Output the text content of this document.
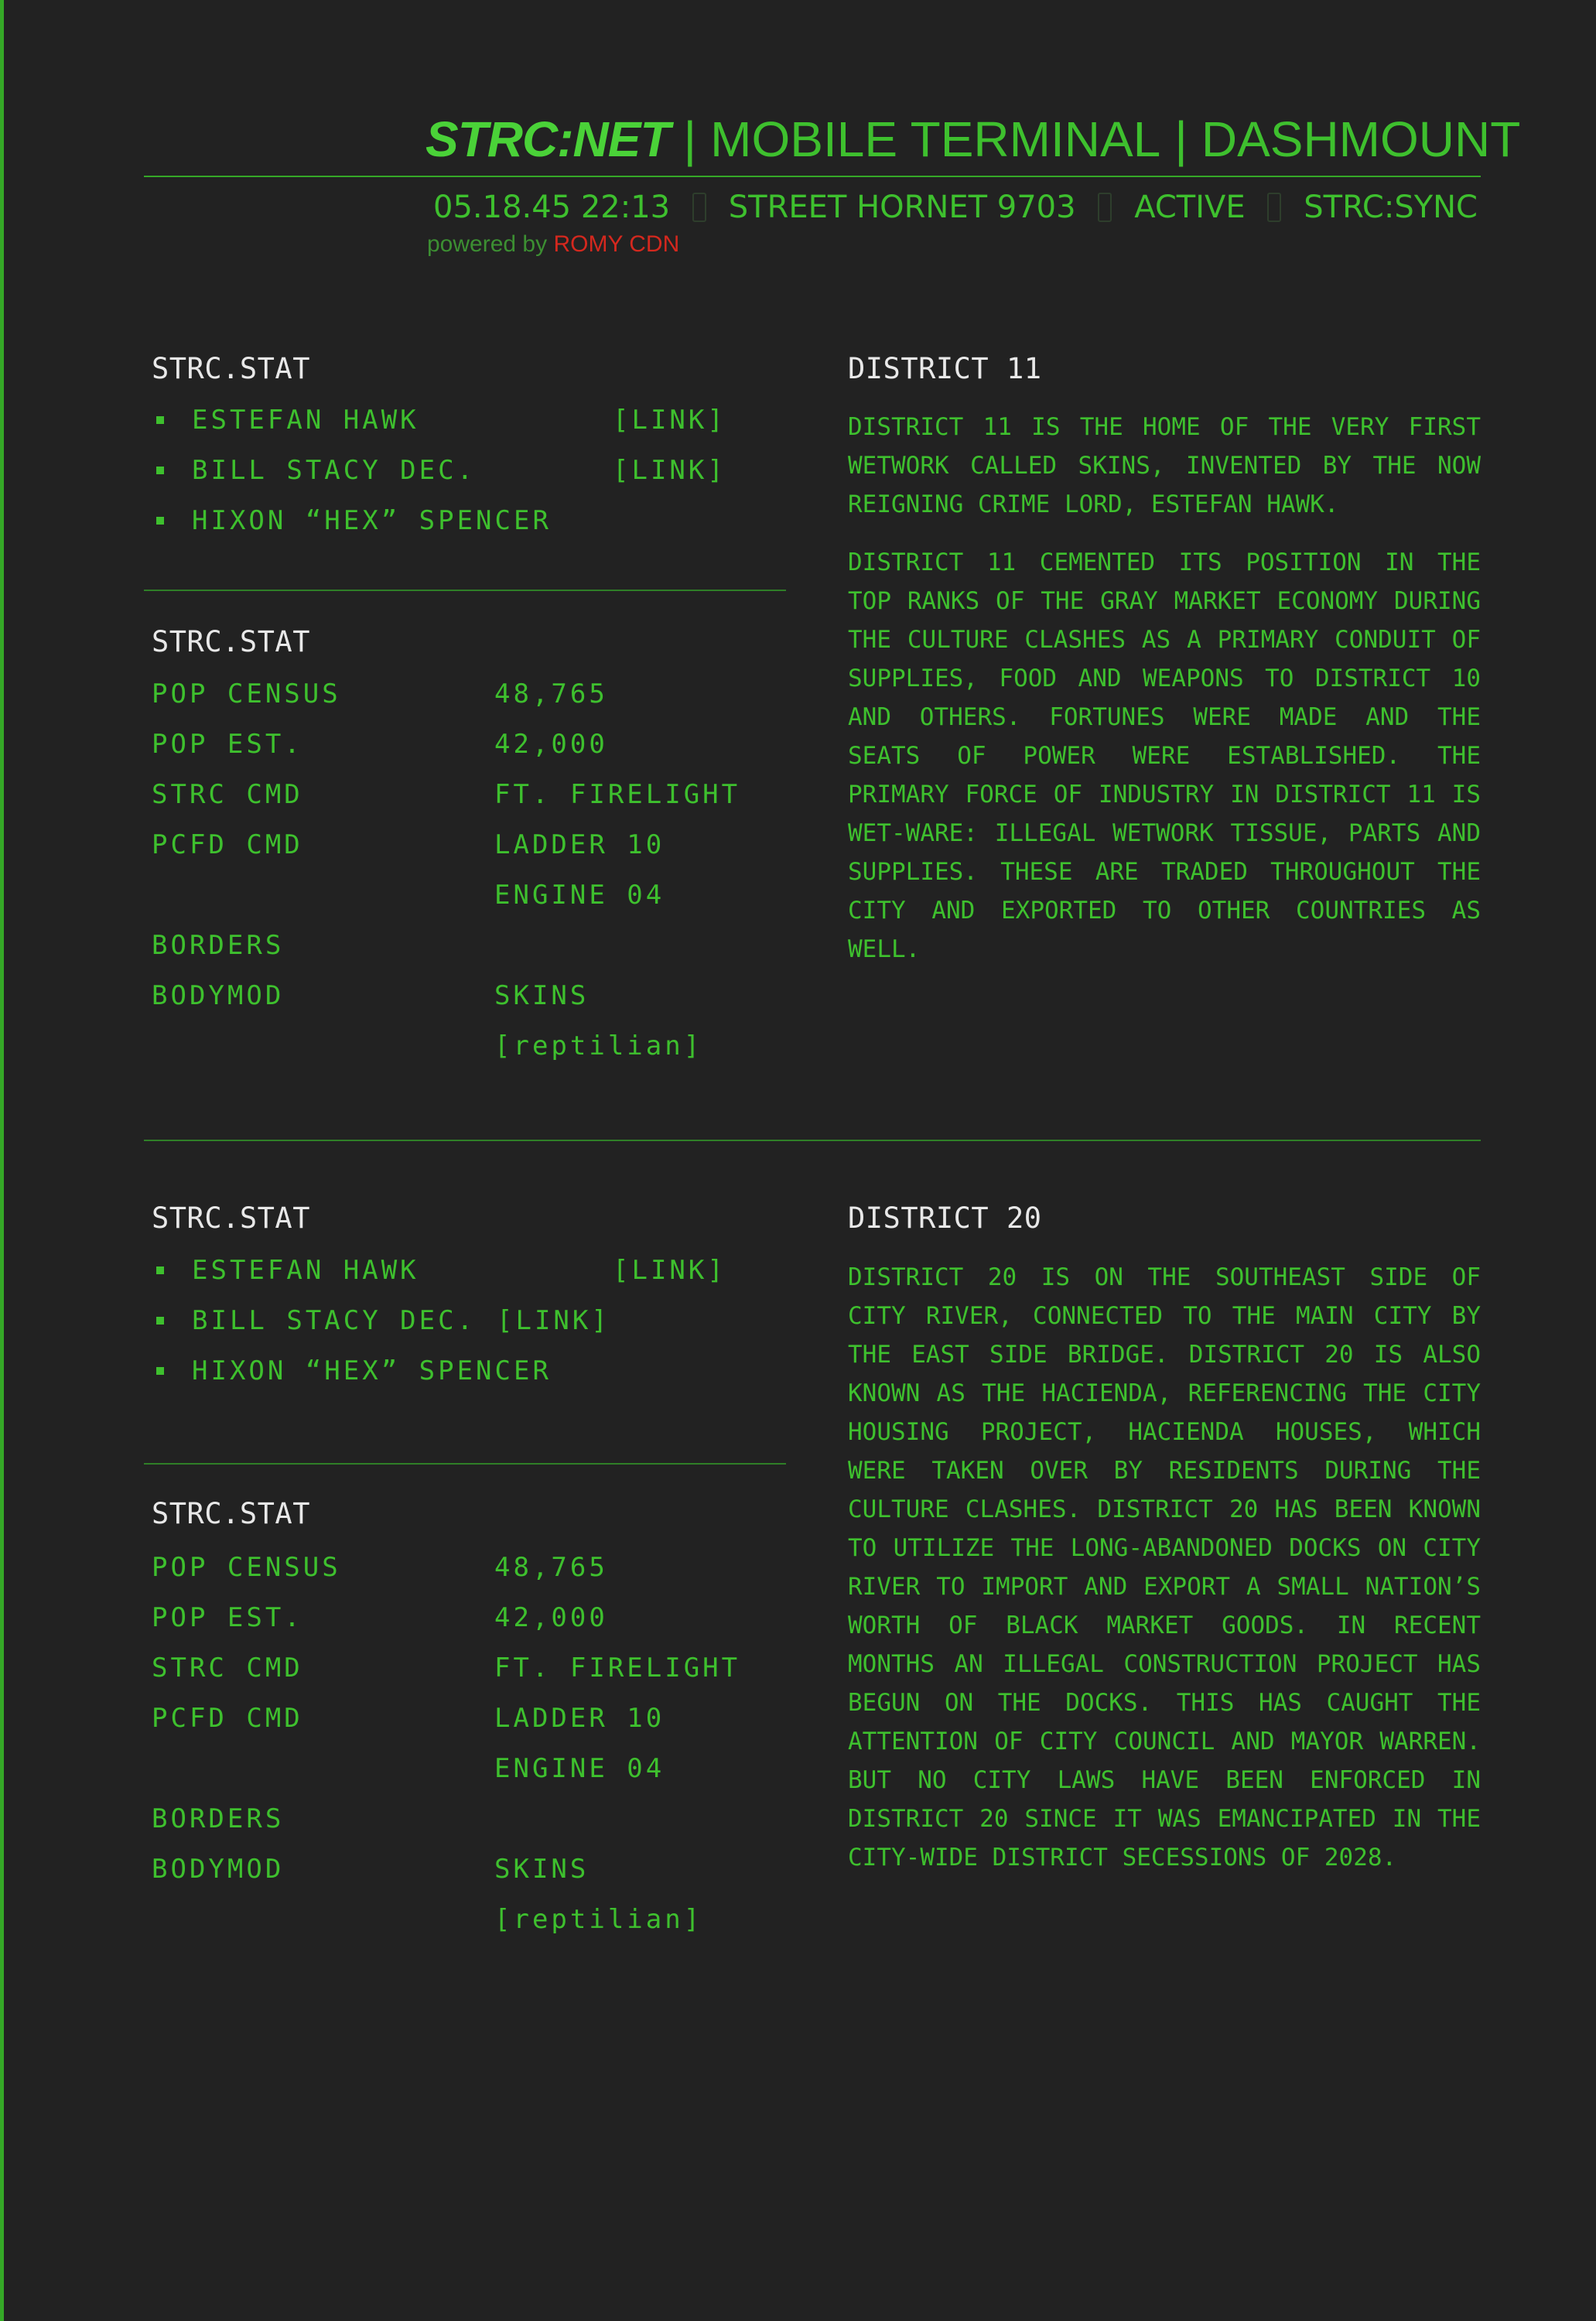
STRC:NET | MOBILE TERMINAL | DASHMOUNT
05.18.45 22:13 STREET HORNET 9703 ACTIVE STRC:SYNC
powered by ROMY CDN
STRC.STAT
ESTEFAN HAWK	[LINK]
BILL STACY DEC.	[LINK]
HIXON “HEX” SPENCER
STRC.STAT
POP CENSUS	48,765
POP EST.	42,000
STRC CMD	FT. FIRELIGHT
PCFD CMD	LADDER 10
ENGINE 04
BORDERS
BODYMOD	SKINS
[reptilian]
DISTRICT 11

DISTRICT 11 IS THE HOME OF THE VERY FIRST WETWORK CALLED SKINS, INVENTED BY THE NOW REIGNING CRIME LORD, ESTEFAN HAWK.

DISTRICT 11 CEMENTED ITS POSITION IN THE TOP RANKS OF THE GRAY MARKET ECONOMY DURING THE CULTURE CLASHES AS A PRIMARY CONDUIT OF SUPPLIES, FOOD AND WEAPONS TO DISTRICT 10 AND OTHERS. FORTUNES WERE MADE AND THE SEATS OF POWER WERE ESTABLISHED. THE PRIMARY FORCE OF INDUSTRY IN DISTRICT 11 IS WET-WARE: ILLEGAL WETWORK TISSUE, PARTS AND SUPPLIES. THESE ARE TRADED THROUGHOUT THE CITY AND EXPORTED TO OTHER COUNTRIES AS WELL.

STRC.STAT
ESTEFAN HAWK	[LINK]
BILL STACY DEC. [LINK]
HIXON “HEX” SPENCER
STRC.STAT
POP CENSUS	48,765
POP EST.	42,000
STRC CMD	FT. FIRELIGHT
PCFD CMD	LADDER 10
ENGINE 04
BORDERS
BODYMOD	SKINS
[reptilian]
DISTRICT 20

DISTRICT 20 IS ON THE SOUTHEAST SIDE OF CITY RIVER, CONNECTED TO THE MAIN CITY BY THE EAST SIDE BRIDGE. DISTRICT 20 IS ALSO KNOWN AS THE HACIENDA, REFERENCING THE CITY HOUSING PROJECT, HACIENDA HOUSES, WHICH WERE TAKEN OVER BY RESIDENTS DURING THE CULTURE CLASHES. DISTRICT 20 HAS BEEN KNOWN TO UTILIZE THE LONG-ABANDONED DOCKS ON CITY RIVER TO IMPORT AND EXPORT A SMALL NATION’S WORTH OF BLACK MARKET GOODS. IN RECENT MONTHS AN ILLEGAL CONSTRUCTION PROJECT HAS BEGUN ON THE DOCKS. THIS HAS CAUGHT THE ATTENTION OF CITY COUNCIL AND MAYOR WARREN. BUT NO CITY LAWS HAVE BEEN ENFORCED IN DISTRICT 20 SINCE IT WAS EMANCIPATED IN THE CITY-WIDE DISTRICT SECESSIONS OF 2028.
